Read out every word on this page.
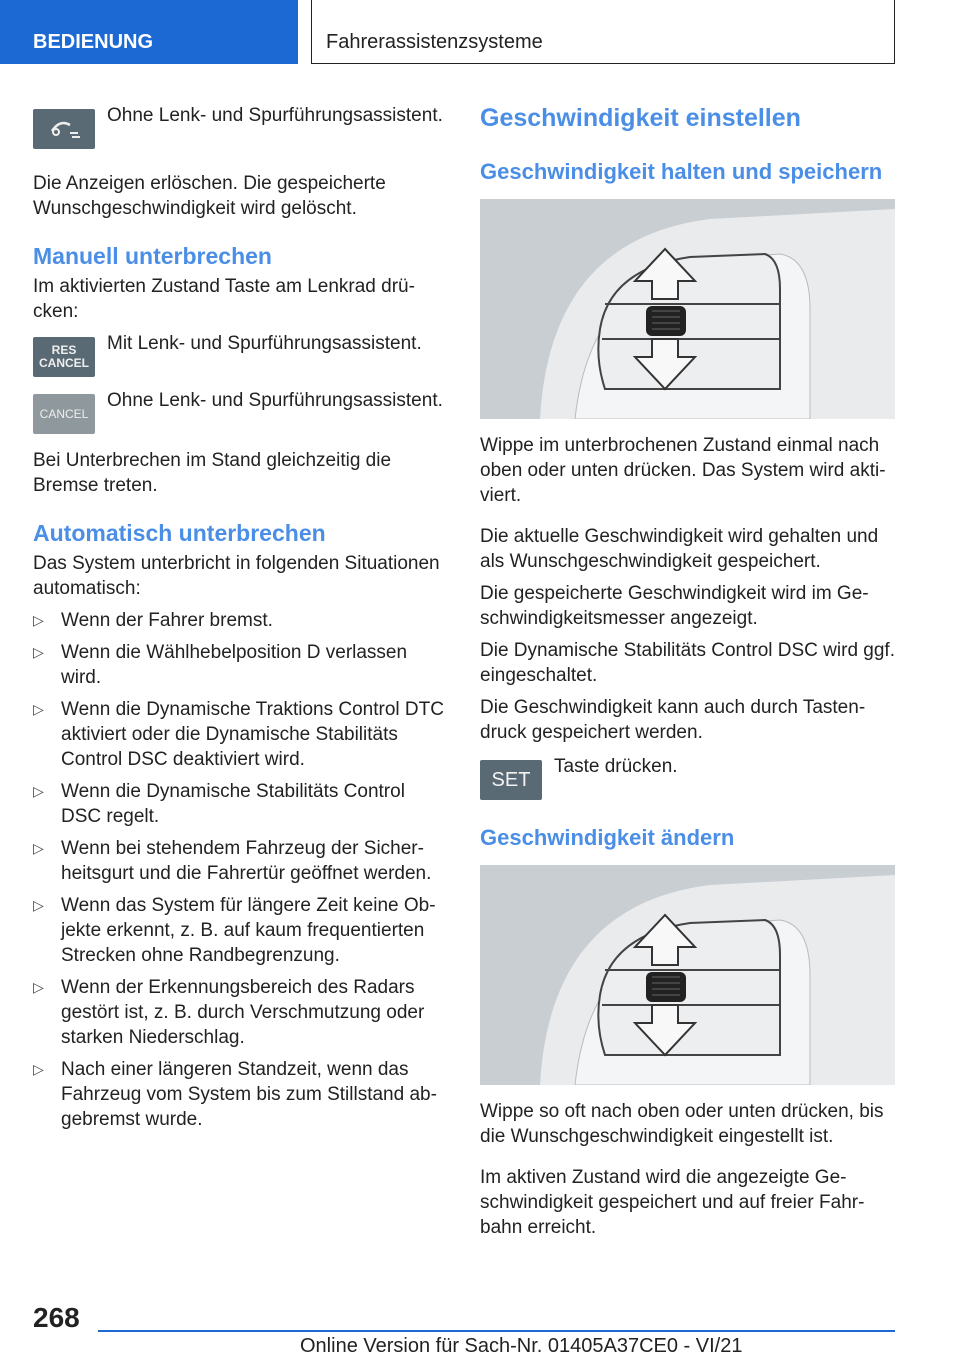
BEDIENUNG	Fahrerassistenzsysteme

Ohne Lenk- und Spurführungsassistent.

Die Anzeigen erlöschen. Die gespeicherte Wunschgeschwindigkeit wird gelöscht.

Manuell unterbrechen

Im aktivierten Zustand Taste am Lenkrad drü-cken:

RES
CANCEL

Mit Lenk- und Spurführungsassistent.

CANCEL

Ohne Lenk- und Spurführungsassistent.

Bei Unterbrechen im Stand gleichzeitig die Bremse treten.

Automatisch unterbrechen

Das System unterbricht in folgenden Situationen automatisch:

▷ Wenn der Fahrer bremst.
▷ Wenn die Wählhebelposition D verlassen wird.
▷ Wenn die Dynamische Traktions Control DTC aktiviert oder die Dynamische Stabilitäts Control DSC deaktiviert wird.
▷ Wenn die Dynamische Stabilitäts Control DSC regelt.
▷ Wenn bei stehendem Fahrzeug der Sicher-heitsgurt und die Fahrertür geöffnet werden.
▷ Wenn das System für längere Zeit keine Ob-jekte erkennt, z. B. auf kaum frequentierten Strecken ohne Randbegrenzung.
▷ Wenn der Erkennungsbereich des Radars gestört ist, z. B. durch Verschmutzung oder starken Niederschlag.
▷ Nach einer längeren Standzeit, wenn das Fahrzeug vom System bis zum Stillstand ab-gebremst wurde.
Geschwindigkeit einstellen
Geschwindigkeit halten und speichern

Wippe im unterbrochenen Zustand einmal nach oben oder unten drücken. Das System wird akti-viert.

Die aktuelle Geschwindigkeit wird gehalten und als Wunschgeschwindigkeit gespeichert.

Die gespeicherte Geschwindigkeit wird im Ge-schwindigkeitsmesser angezeigt.

Die Dynamische Stabilitäts Control DSC wird ggf. eingeschaltet.

Die Geschwindigkeit kann auch durch Tasten-druck gespeichert werden.

SET

Taste drücken.

Geschwindigkeit ändern

Wippe so oft nach oben oder unten drücken, bis die Wunschgeschwindigkeit eingestellt ist.

Im aktiven Zustand wird die angezeigte Ge-schwindigkeit gespeichert und auf freier Fahr-bahn erreicht.

268
Online Version für Sach-Nr. 01405A37CE0 - VI/21
